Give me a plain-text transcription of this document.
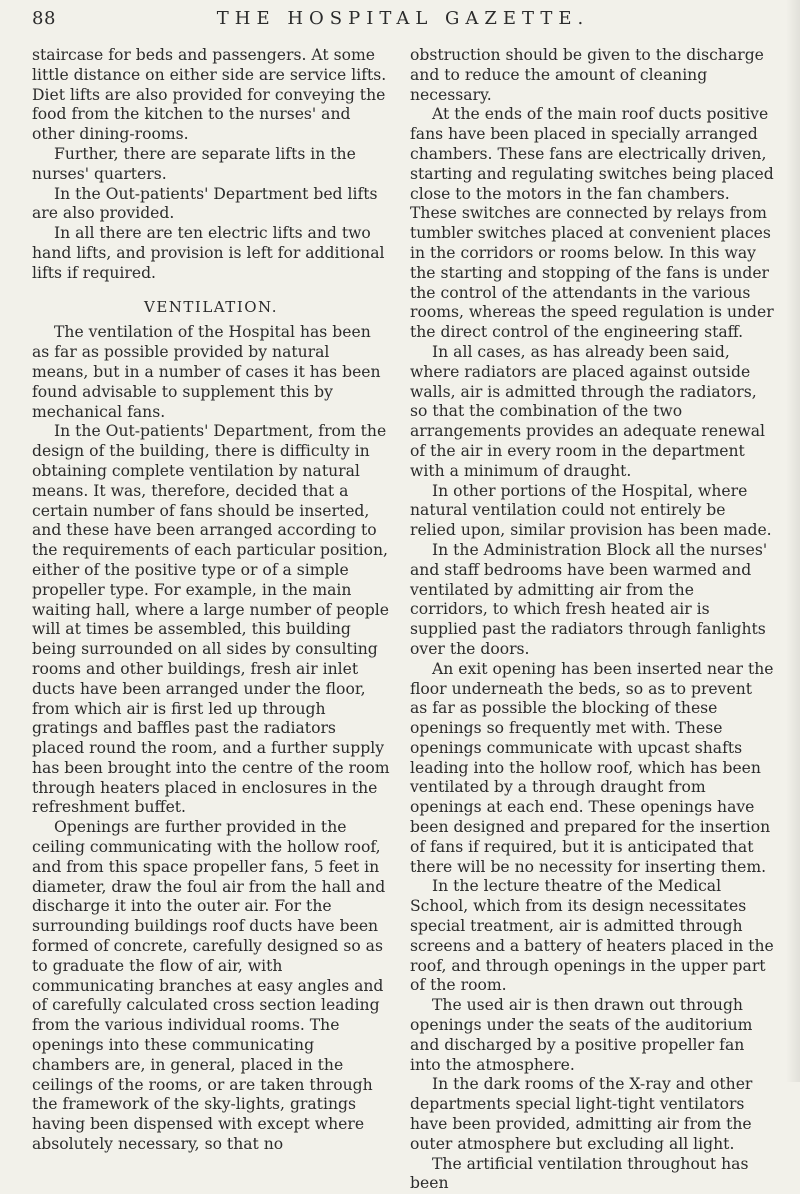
88	THE HOSPITAL GAZETTE.

staircase for beds and passengers. At some little distance on either side are service lifts. Diet lifts are also provided for conveying the food from the kitchen to the nurses' and other dining-rooms.

Further, there are separate lifts in the nurses' quarters.

In the Out-patients' Department bed lifts are also provided.

In all there are ten electric lifts and two hand lifts, and provision is left for additional lifts if required.

VENTILATION.

The ventilation of the Hospital has been as far as possible provided by natural means, but in a number of cases it has been found advisable to supplement this by mechanical fans.

In the Out-patients' Department, from the design of the building, there is difficulty in obtaining complete ventilation by natural means. It was, therefore, decided that a certain number of fans should be inserted, and these have been arranged according to the requirements of each particular position, either of the positive type or of a simple propeller type. For example, in the main waiting hall, where a large number of people will at times be assembled, this building being surrounded on all sides by consulting rooms and other buildings, fresh air inlet ducts have been arranged under the floor, from which air is first led up through gratings and baffles past the radiators placed round the room, and a further supply has been brought into the centre of the room through heaters placed in enclosures in the refreshment buffet.

Openings are further provided in the ceiling communicating with the hollow roof, and from this space propeller fans, 5 feet in diameter, draw the foul air from the hall and discharge it into the outer air. For the surrounding buildings roof ducts have been formed of concrete, carefully designed so as to graduate the flow of air, with communicating branches at easy angles and of carefully calculated cross section leading from the various individual rooms. The openings into these communicating chambers are, in general, placed in the ceilings of the rooms, or are taken through the framework of the sky-lights, gratings having been dispensed with except where absolutely necessary, so that no

obstruction should be given to the discharge and to reduce the amount of cleaning necessary.

At the ends of the main roof ducts positive fans have been placed in specially arranged chambers. These fans are electrically driven, starting and regulating switches being placed close to the motors in the fan chambers. These switches are connected by relays from tumbler switches placed at convenient places in the corridors or rooms below. In this way the starting and stopping of the fans is under the control of the attendants in the various rooms, whereas the speed regulation is under the direct control of the engineering staff.

In all cases, as has already been said, where radiators are placed against outside walls, air is admitted through the radiators, so that the combination of the two arrangements provides an adequate renewal of the air in every room in the department with a minimum of draught.

In other portions of the Hospital, where natural ventilation could not entirely be relied upon, similar provision has been made.

In the Administration Block all the nurses' and staff bedrooms have been warmed and ventilated by admitting air from the corridors, to which fresh heated air is supplied past the radiators through fanlights over the doors.

An exit opening has been inserted near the floor underneath the beds, so as to prevent as far as possible the blocking of these openings so frequently met with. These openings communicate with upcast shafts leading into the hollow roof, which has been ventilated by a through draught from openings at each end. These openings have been designed and prepared for the insertion of fans if required, but it is anticipated that there will be no necessity for inserting them.

In the lecture theatre of the Medical School, which from its design necessitates special treatment, air is admitted through screens and a battery of heaters placed in the roof, and through openings in the upper part of the room.

The used air is then drawn out through openings under the seats of the auditorium and discharged by a positive propeller fan into the atmosphere.

In the dark rooms of the X-ray and other departments special light-tight ventilators have been provided, admitting air from the outer atmosphere but excluding all light.

The artificial ventilation throughout has been
